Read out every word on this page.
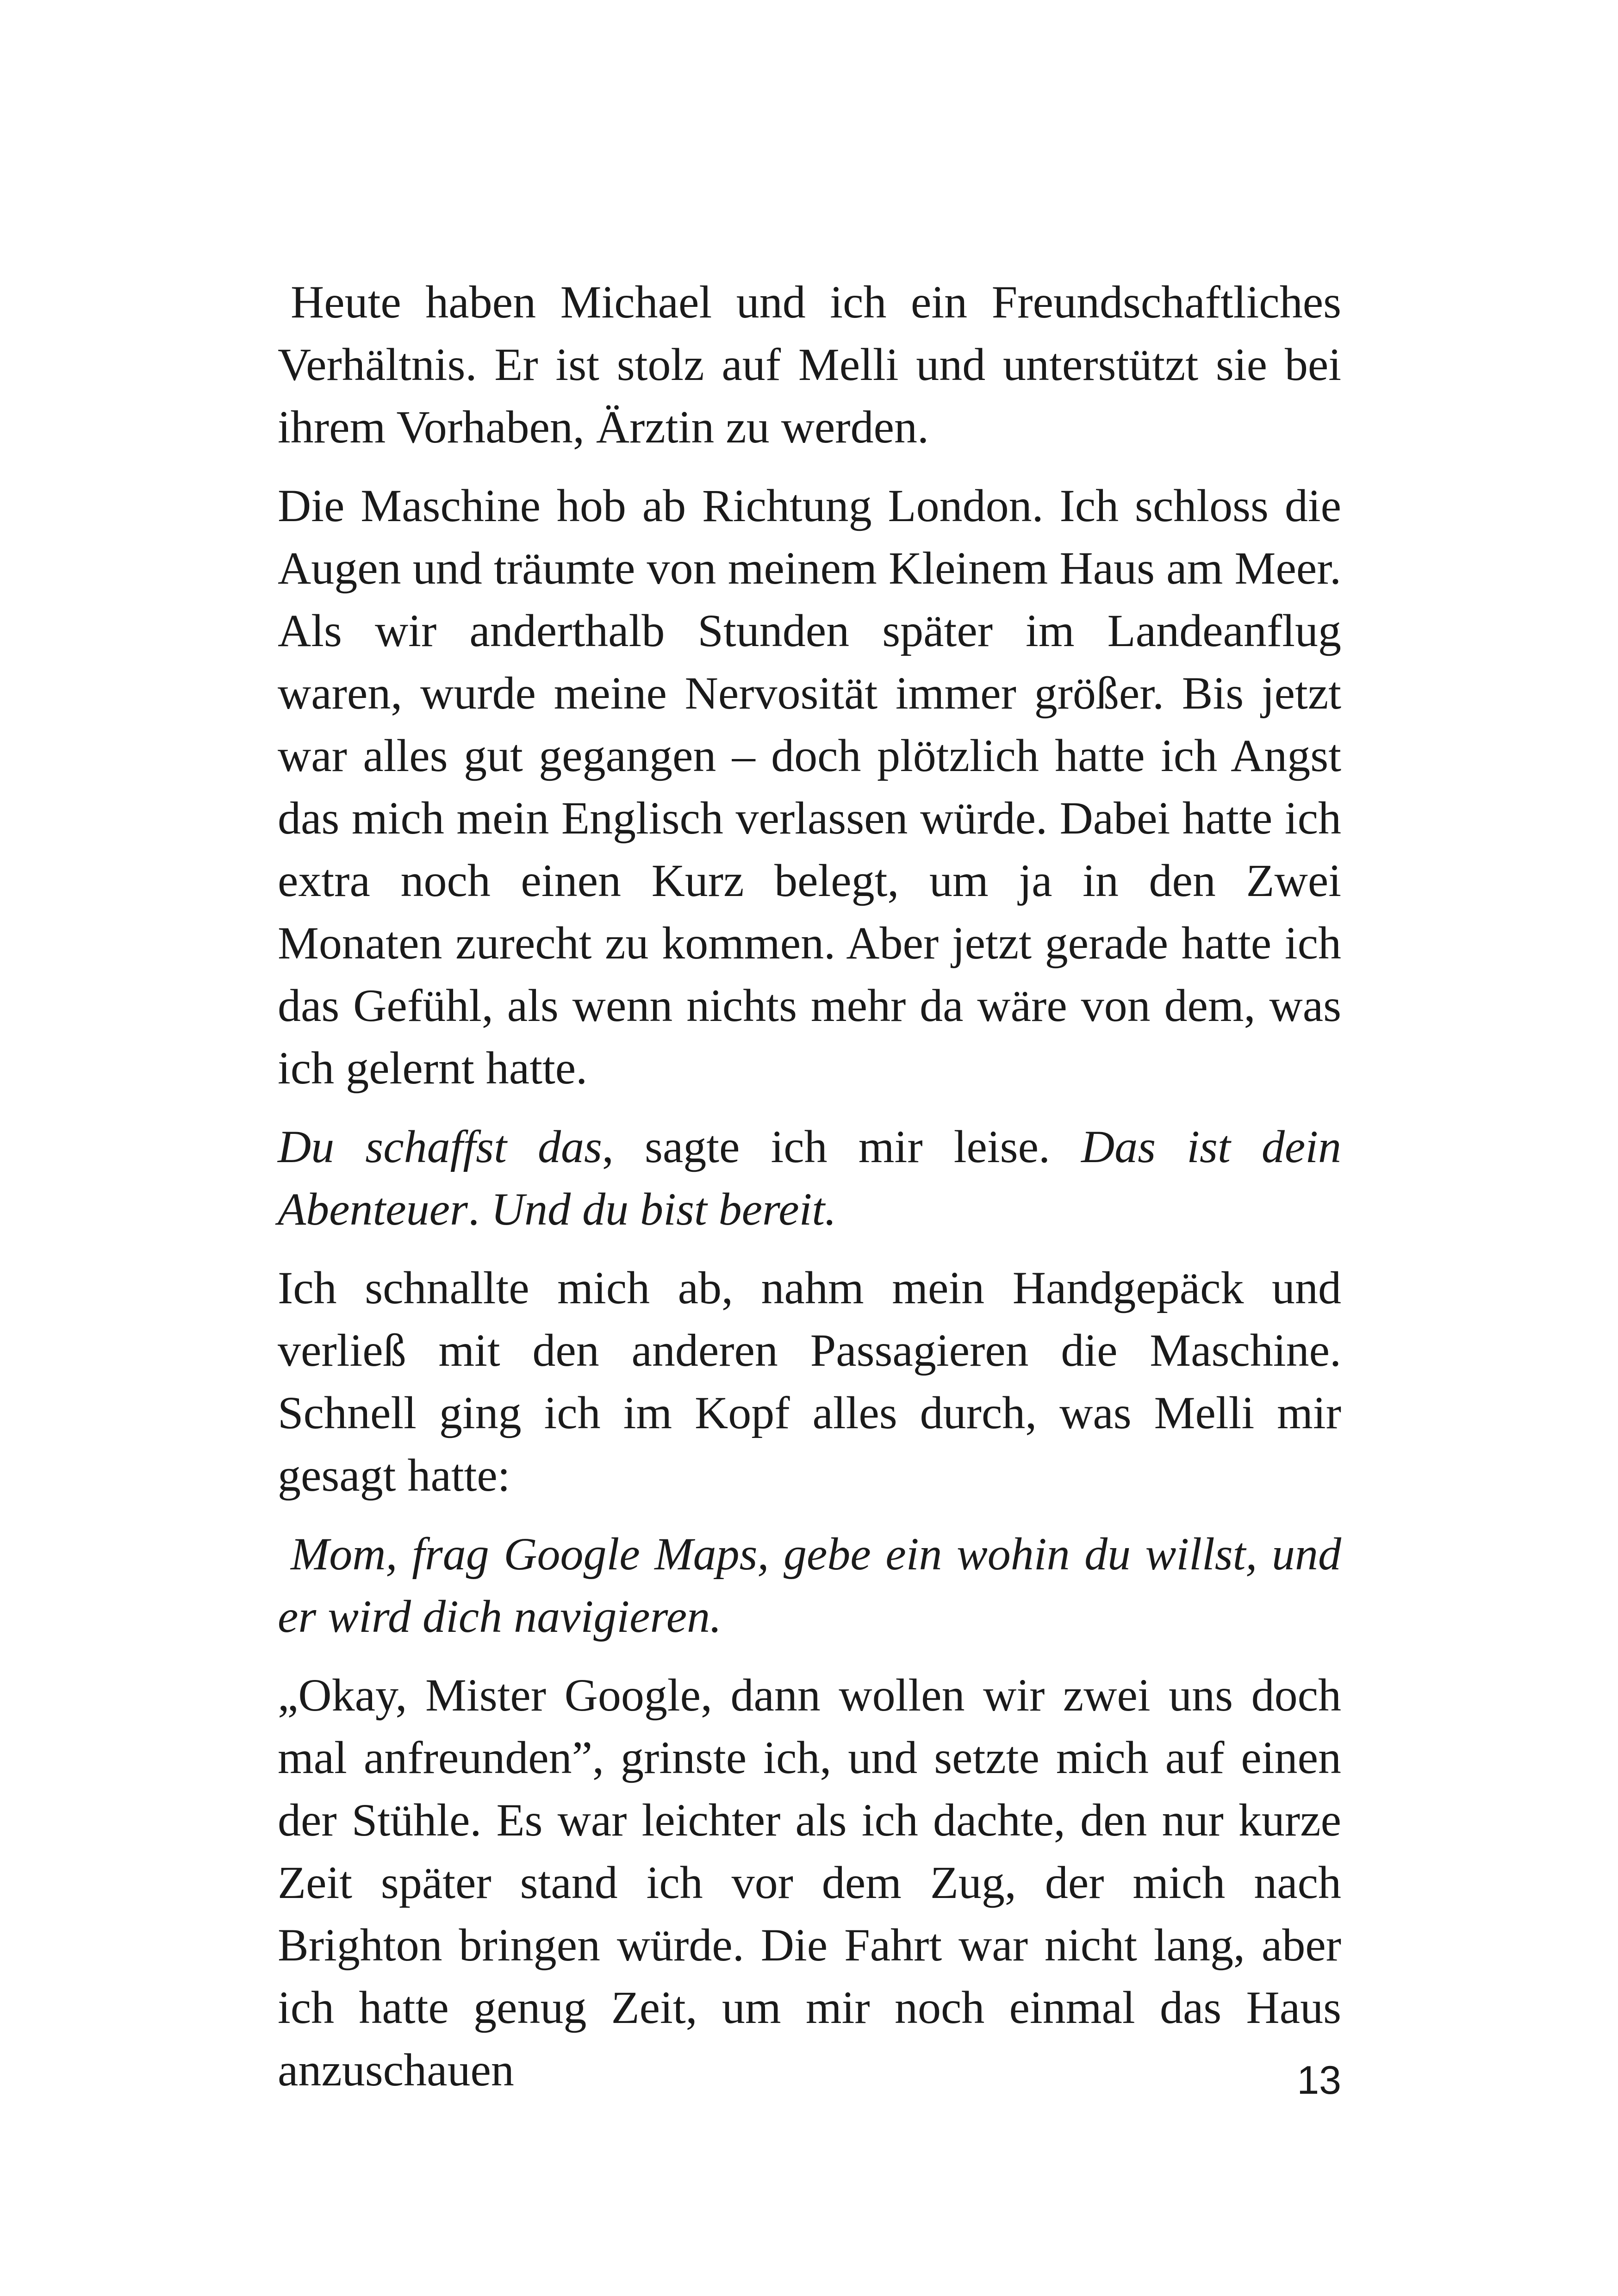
Heute haben Michael und ich ein Freundschaftliches Verhältnis. Er ist stolz auf Melli und unterstützt sie bei ihrem Vorhaben, Ärztin zu werden.

Die Maschine hob ab Richtung London. Ich schloss die Augen und träumte von meinem Kleinem Haus am Meer. Als wir anderthalb Stunden später im Landeanflug waren, wurde meine Nervosität immer größer. Bis jetzt war alles gut gegangen – doch plötzlich hatte ich Angst das mich mein Englisch verlassen würde. Dabei hatte ich extra noch einen Kurz belegt, um ja in den Zwei Monaten zurecht zu kommen. Aber jetzt gerade hatte ich das Gefühl, als wenn nichts mehr da wäre von dem, was ich gelernt hatte.

Du schaffst das, sagte ich mir leise. Das ist dein Abenteuer. Und du bist bereit.

Ich schnallte mich ab, nahm mein Handgepäck und verließ mit den anderen Passagieren die Maschine. Schnell ging ich im Kopf alles durch, was Melli mir gesagt hatte:

Mom, frag Google Maps, gebe ein wohin du willst, und er wird dich navigieren.

„Okay, Mister Google, dann wollen wir zwei uns doch mal anfreunden”, grinste ich, und setzte mich auf einen der Stühle. Es war leichter als ich dachte, den nur kurze Zeit später stand ich vor dem Zug, der mich nach Brighton bringen würde. Die Fahrt war nicht lang, aber ich hatte genug Zeit, um mir noch einmal das Haus anzuschauen	13
